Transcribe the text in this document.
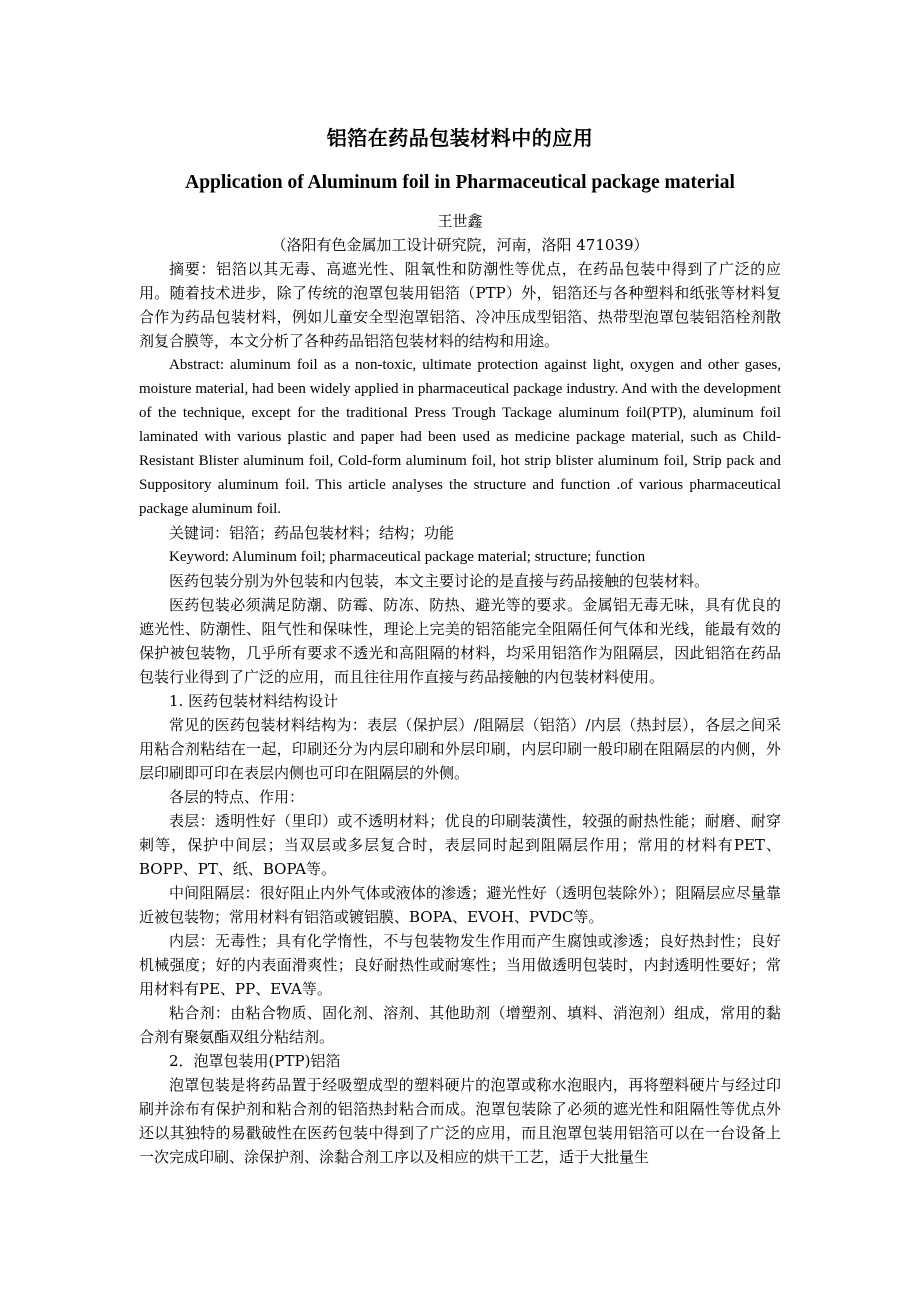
铝箔在药品包装材料中的应用
Application of Aluminum foil in Pharmaceutical package material
王世鑫
（洛阳有色金属加工设计研究院，河南，洛阳 471039）

摘要：铝箔以其无毒、高遮光性、阻氧性和防潮性等优点，在药品包装中得到了广泛的应用。随着技术进步，除了传统的泡罩包装用铝箔（PTP）外，铝箔还与各种塑料和纸张等材料复合作为药品包装材料，例如儿童安全型泡罩铝箔、冷冲压成型铝箔、热带型泡罩包装铝箔栓剂散剂复合膜等，本文分析了各种药品铝箔包装材料的结构和用途。

Abstract: aluminum foil as a non-toxic, ultimate protection against light, oxygen and other gases, moisture material, had been widely applied in pharmaceutical package industry. And with the development of the technique, except for the traditional Press Trough Tackage aluminum foil(PTP), aluminum foil laminated with various plastic and paper had been used as medicine package material, such as Child-Resistant Blister aluminum foil, Cold-form aluminum foil, hot strip blister aluminum foil, Strip pack and Suppository aluminum foil. This article analyses the structure and function .of various pharmaceutical package aluminum foil.

关键词：铝箔；药品包装材料；结构；功能

Keyword: Aluminum foil; pharmaceutical package material; structure; function

医药包装分别为外包装和内包装，本文主要讨论的是直接与药品接触的包装材料。

医药包装必须满足防潮、防霉、防冻、防热、避光等的要求。金属铝无毒无味，具有优良的遮光性、防潮性、阻气性和保味性，理论上完美的铝箔能完全阻隔任何气体和光线，能最有效的保护被包装物，几乎所有要求不透光和高阻隔的材料，均采用铝箔作为阻隔层，因此铝箔在药品包装行业得到了广泛的应用，而且往往用作直接与药品接触的内包装材料使用。

1. 医药包装材料结构设计

常见的医药包装材料结构为：表层（保护层）/阻隔层（铝箔）/内层（热封层），各层之间采用粘合剂粘结在一起，印刷还分为内层印刷和外层印刷，内层印刷一般印刷在阻隔层的内侧，外层印刷即可印在表层内侧也可印在阻隔层的外侧。

各层的特点、作用：

表层：透明性好（里印）或不透明材料；优良的印刷装潢性，较强的耐热性能；耐磨、耐穿刺等，保护中间层；当双层或多层复合时，表层同时起到阻隔层作用；常用的材料有PET、BOPP、PT、纸、BOPA等。

中间阻隔层：很好阻止内外气体或液体的渗透；避光性好（透明包装除外）；阻隔层应尽量靠近被包装物；常用材料有铝箔或镀铝膜、BOPA、EVOH、PVDC等。

内层：无毒性；具有化学惰性，不与包装物发生作用而产生腐蚀或渗透；良好热封性；良好机械强度；好的内表面滑爽性；良好耐热性或耐寒性；当用做透明包装时，内封透明性要好；常用材料有PE、PP、EVA等。

粘合剂：由粘合物质、固化剂、溶剂、其他助剂（增塑剂、填料、消泡剂）组成，常用的黏合剂有聚氨酯双组分粘结剂。

2．泡罩包装用(PTP)铝箔

泡罩包装是将药品置于经吸塑成型的塑料硬片的泡罩或称水泡眼内，再将塑料硬片与经过印刷并涂布有保护剂和粘合剂的铝箔热封粘合而成。泡罩包装除了必须的遮光性和阻隔性等优点外还以其独特的易戳破性在医药包装中得到了广泛的应用，而且泡罩包装用铝箔可以在一台设备上一次完成印刷、涂保护剂、涂黏合剂工序以及相应的烘干工艺，适于大批量生
